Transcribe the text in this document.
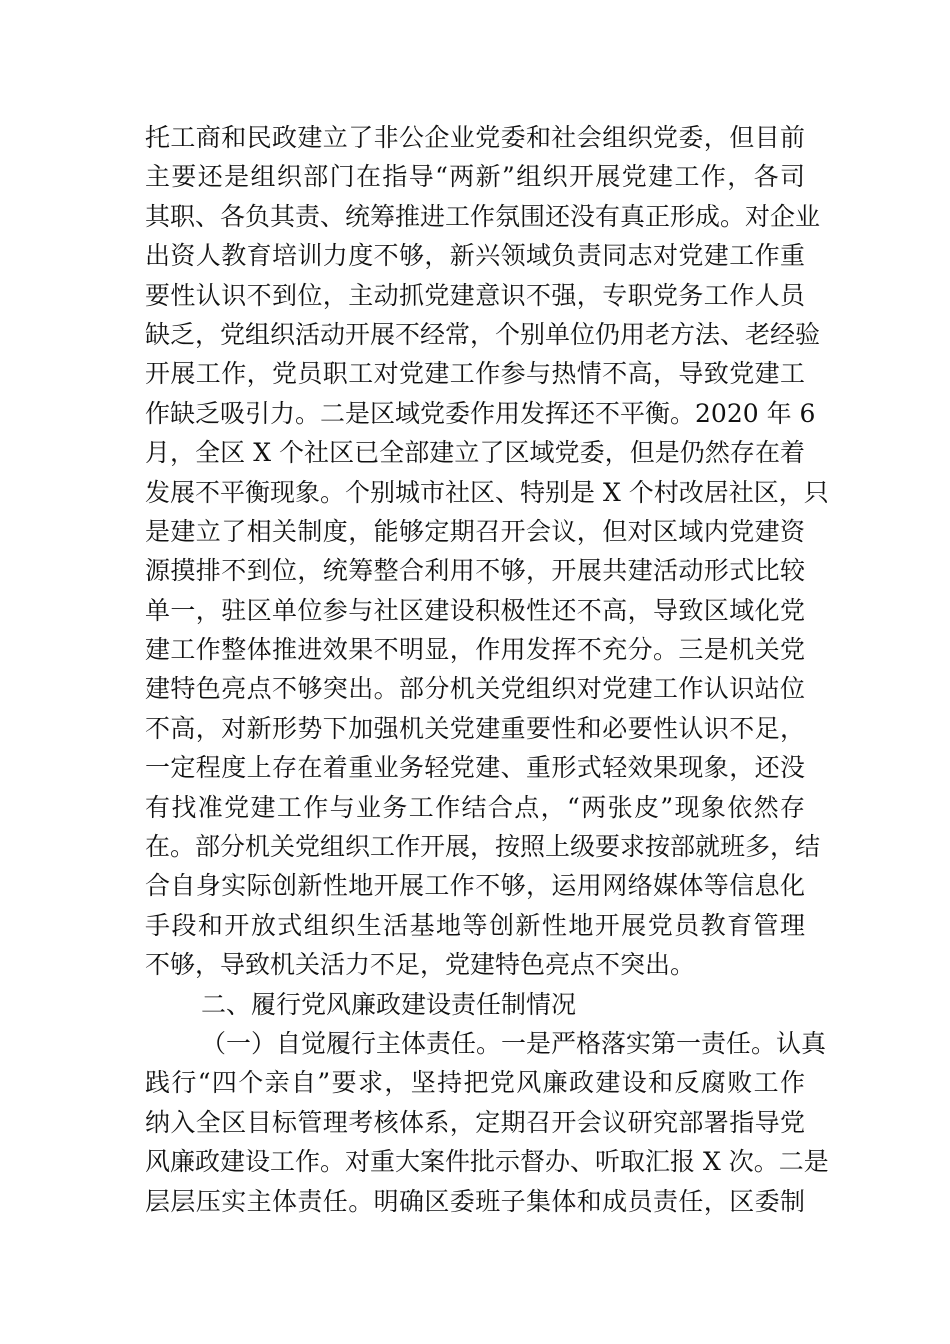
托工商和民政建立了非公企业党委和社会组织党委，但目前
主要还是组织部门在指导“两新”组织开展党建工作，各司
其职、各负其责、统筹推进工作氛围还没有真正形成。对企业
出资人教育培训力度不够，新兴领域负责同志对党建工作重
要性认识不到位，主动抓党建意识不强，专职党务工作人员
缺乏，党组织活动开展不经常，个别单位仍用老方法、老经验
开展工作，党员职工对党建工作参与热情不高，导致党建工
作缺乏吸引力。二是区域党委作用发挥还不平衡。2020 年 6
月，全区 X 个社区已全部建立了区域党委，但是仍然存在着
发展不平衡现象。个别城市社区、特别是 X 个村改居社区，只
是建立了相关制度，能够定期召开会议，但对区域内党建资
源摸排不到位，统筹整合利用不够，开展共建活动形式比较
单一，驻区单位参与社区建设积极性还不高，导致区域化党
建工作整体推进效果不明显，作用发挥不充分。三是机关党
建特色亮点不够突出。部分机关党组织对党建工作认识站位
不高，对新形势下加强机关党建重要性和必要性认识不足，
一定程度上存在着重业务轻党建、重形式轻效果现象，还没
有找准党建工作与业务工作结合点，“两张皮”现象依然存
在。部分机关党组织工作开展，按照上级要求按部就班多，结
合自身实际创新性地开展工作不够，运用网络媒体等信息化
手段和开放式组织生活基地等创新性地开展党员教育管理
不够，导致机关活力不足，党建特色亮点不突出。
二、履行党风廉政建设责任制情况
（一）自觉履行主体责任。一是严格落实第一责任。认真
践行“四个亲自”要求，坚持把党风廉政建设和反腐败工作
纳入全区目标管理考核体系，定期召开会议研究部署指导党
风廉政建设工作。对重大案件批示督办、听取汇报 X 次。二是
层层压实主体责任。明确区委班子集体和成员责任，区委制
